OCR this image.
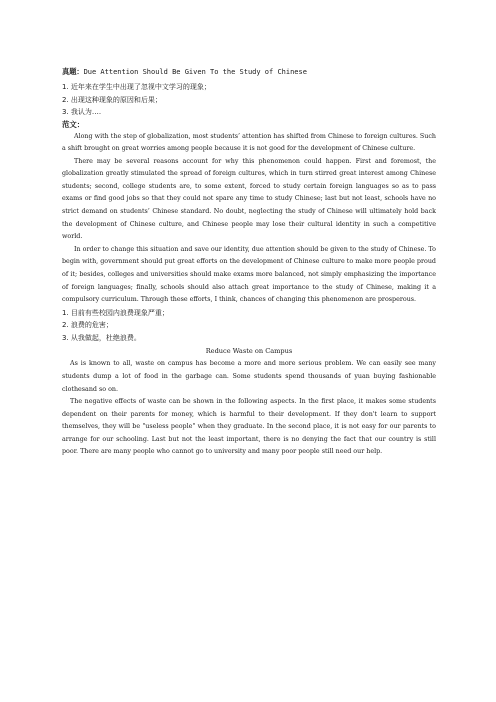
真题：Due Attention Should Be Given To the Study of Chinese
1. 近年来在学生中出现了忽视中文学习的现象；
2. 出现这种现象的原因和后果；
3. 我认为….
范文：

Along with the step of globalization, most students’ attention has shifted from Chinese to foreign cultures. Such a shift brought on great worries among people because it is not good for the development of Chinese culture.

There may be several reasons account for why this phenomenon could happen. First and foremost, the globalization greatly stimulated the spread of foreign cultures, which in turn stirred great interest among Chinese students; second, college students are, to some extent, forced to study certain foreign languages so as to pass exams or find good jobs so that they could not spare any time to study Chinese; last but not least, schools have no strict demand on students’ Chinese standard. No doubt, neglecting the study of Chinese will ultimately hold back the development of Chinese culture, and Chinese people may lose their cultural identity in such a competitive world.

In order to change this situation and save our identity, due attention should be given to the study of Chinese. To begin with, government should put great efforts on the development of Chinese culture to make more people proud of it; besides, colleges and universities should make exams more balanced, not simply emphasizing the importance of foreign languages; finally, schools should also attach great importance to the study of Chinese, making it a compulsory curriculum. Through these efforts, I think, chances of changing this phenomenon are prosperous.

1. 目前有些校园内浪费现象严重；
2. 浪费的危害；
3. 从我做起，杜绝浪费。
Reduce Waste on Campus

As is known to all, waste on campus has become a more and more serious problem. We can easily see many students dump a lot of food in the garbage can. Some students spend thousands of yuan buying fashionable clothesand so on.

The negative effects of waste can be shown in the following aspects. In the first place, it makes some students dependent on their parents for money, which is harmful to their development. If they don't learn to support themselves, they will be "useless people" when they graduate. In the second place, it is not easy for our parents to arrange for our schooling. Last but not the least important, there is no denying the fact that our country is still poor. There are many people who cannot go to university and many poor people still need our help.
